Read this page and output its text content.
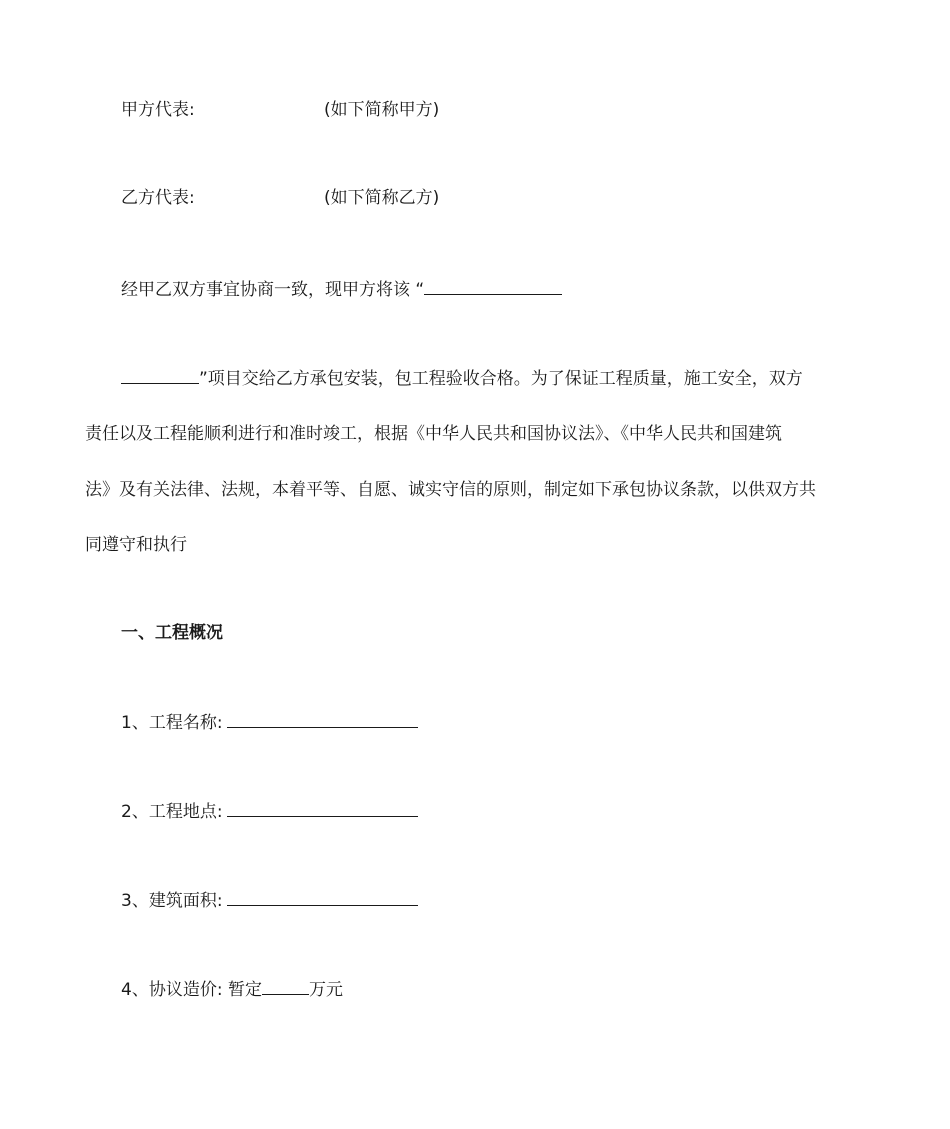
甲方代表:	(如下简称甲方)
乙方代表:	(如下简称乙方)
经甲乙双方事宜协商一致，现甲方将该 “
”项目交给乙方承包安装，包工程验收合格。为了保证工程质量，施工安全，双方
责任以及工程能顺利进行和准时竣工，根据《中华人民共和国协议法》、《中华人民共和国建筑
法》及有关法律、法规，本着平等、自愿、诚实守信的原则，制定如下承包协议条款，以供双方共
同遵守和执行
一、工程概况
1、工程名称:
2、工程地点:
3、建筑面积:
4、协议造价: 暂定	万元
